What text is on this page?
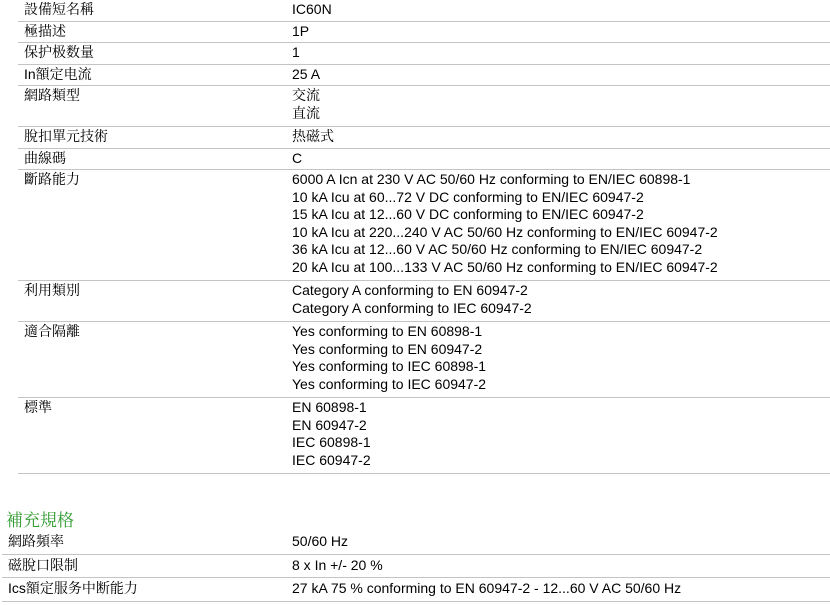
設備短名稱	IC60N
極描述	1P
保护极数量	1
In額定电流	25 A
網路類型	交流
直流
脫扣單元技術	热磁式
曲線碼	C
斷路能力	6000 A Icn at 230 V AC 50/60 Hz conforming to EN/IEC 60898-1
10 kA Icu at 60...72 V DC conforming to EN/IEC 60947-2
15 kA Icu at 12...60 V DC conforming to EN/IEC 60947-2
10 kA Icu at 220...240 V AC 50/60 Hz conforming to EN/IEC 60947-2
36 kA Icu at 12...60 V AC 50/60 Hz conforming to EN/IEC 60947-2
20 kA Icu at 100...133 V AC 50/60 Hz conforming to EN/IEC 60947-2
利用類別	Category A conforming to EN 60947-2
Category A conforming to IEC 60947-2
適合隔離	Yes conforming to EN 60898-1
Yes conforming to EN 60947-2
Yes conforming to IEC 60898-1
Yes conforming to IEC 60947-2
標準	EN 60898-1
EN 60947-2
IEC 60898-1
IEC 60947-2
補充規格
網路頻率	50/60 Hz
磁脫口限制	8 x In +/- 20 %
Ics額定服务中断能力	27 kA 75 % conforming to EN 60947-2 - 12...60 V AC 50/60 Hz
